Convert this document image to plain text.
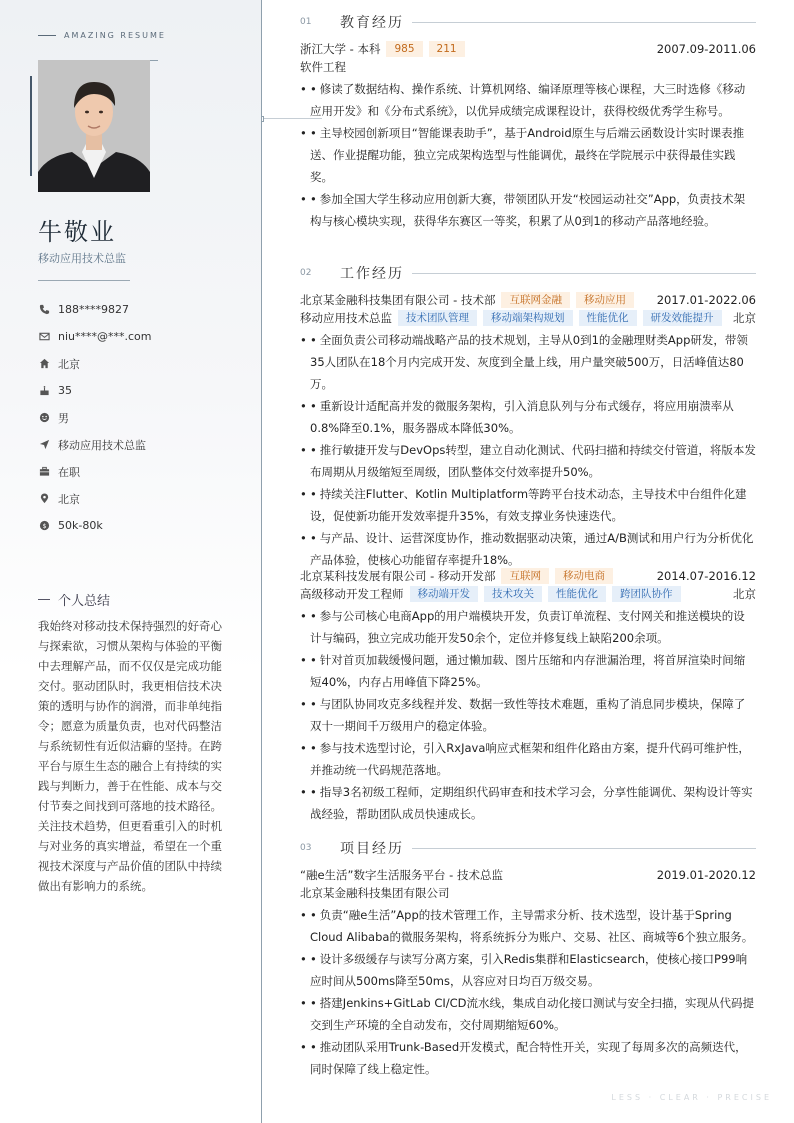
AMAZING RESUME
牛敬业
移动应用技术总监
188****9827
niu****@***.com
北京
35
男
移动应用技术总监
在职
北京
$ 50k-80k
个人总结
我始终对移动技术保持强烈的好奇心与探索欲，习惯从架构与体验的平衡中去理解产品，而不仅仅是完成功能交付。驱动团队时，我更相信技术决策的透明与协作的润滑，而非单纯指令；愿意为质量负责，也对代码整洁与系统韧性有近似洁癖的坚持。在跨平台与原生生态的融合上有持续的实践与判断力，善于在性能、成本与交付节奏之间找到可落地的技术路径。关注技术趋势，但更看重引入的时机与对业务的真实增益，希望在一个重视技术深度与产品价值的团队中持续做出有影响力的系统。
01	教育经历
浙江大学 - 本科	985	211	2007.09-2011.06
软件工程
• • 修读了数据结构、操作系统、计算机网络、编译原理等核心课程，大三时选修《移动应用开发》和《分布式系统》，以优异成绩完成课程设计，获得校级优秀学生称号。
• • 主导校园创新项目“智能课表助手”，基于Android原生与后端云函数设计实时课表推送、作业提醒功能，独立完成架构选型与性能调优，最终在学院展示中获得最佳实践奖。
• • 参加全国大学生移动应用创新大赛，带领团队开发“校园运动社交”App，负责技术架构与核心模块实现，获得华东赛区一等奖，积累了从0到1的移动产品落地经验。
02	工作经历
北京某金融科技集团有限公司 - 技术部	互联网金融	移动应用	2017.01-2022.06
移动应用技术总监	技术团队管理	移动端架构规划	性能优化	研发效能提升	北京
• • 全面负责公司移动端战略产品的技术规划，主导从0到1的金融理财类App研发，带领35人团队在18个月内完成开发、灰度到全量上线，用户量突破500万，日活峰值达80万。
• • 重新设计适配高并发的微服务架构，引入消息队列与分布式缓存，将应用崩溃率从0.8%降至0.1%，服务器成本降低30%。
• • 推行敏捷开发与DevOps转型，建立自动化测试、代码扫描和持续交付管道，将版本发布周期从月级缩短至周级，团队整体交付效率提升50%。
• • 持续关注Flutter、Kotlin Multiplatform等跨平台技术动态，主导技术中台组件化建设，促使新功能开发效率提升35%，有效支撑业务快速迭代。
• • 与产品、设计、运营深度协作，推动数据驱动决策，通过A/B测试和用户行为分析优化产品体验，使核心功能留存率提升18%。
北京某科技发展有限公司 - 移动开发部	互联网	移动电商	2014.07-2016.12
高级移动开发工程师	移动端开发	技术攻关	性能优化	跨团队协作	北京
• • 参与公司核心电商App的用户端模块开发，负责订单流程、支付网关和推送模块的设计与编码，独立完成功能开发50余个，定位并修复线上缺陷200余项。
• • 针对首页加载缓慢问题，通过懒加载、图片压缩和内存泄漏治理，将首屏渲染时间缩短40%，内存占用峰值下降25%。
• • 与团队协同攻克多线程并发、数据一致性等技术难题，重构了消息同步模块，保障了双十一期间千万级用户的稳定体验。
• • 参与技术选型讨论，引入RxJava响应式框架和组件化路由方案，提升代码可维护性，并推动统一代码规范落地。
• • 指导3名初级工程师，定期组织代码审查和技术学习会，分享性能调优、架构设计等实战经验，帮助团队成员快速成长。
03	项目经历
“融e生活”数字生活服务平台 - 技术总监	2019.01-2020.12
北京某金融科技集团有限公司
• • 负责“融e生活”App的技术管理工作，主导需求分析、技术选型，设计基于Spring Cloud Alibaba的微服务架构，将系统拆分为账户、交易、社区、商城等6个独立服务。
• • 设计多级缓存与读写分离方案，引入Redis集群和Elasticsearch，使核心接口P99响应时间从500ms降至50ms，从容应对日均百万级交易。
• • 搭建Jenkins+GitLab CI/CD流水线，集成自动化接口测试与安全扫描，实现从代码提交到生产环境的全自动发布，交付周期缩短60%。
• • 推动团队采用Trunk-Based开发模式，配合特性开关，实现了每周多次的高频迭代，同时保障了线上稳定性。
LESS · CLEAR · PRECISE
